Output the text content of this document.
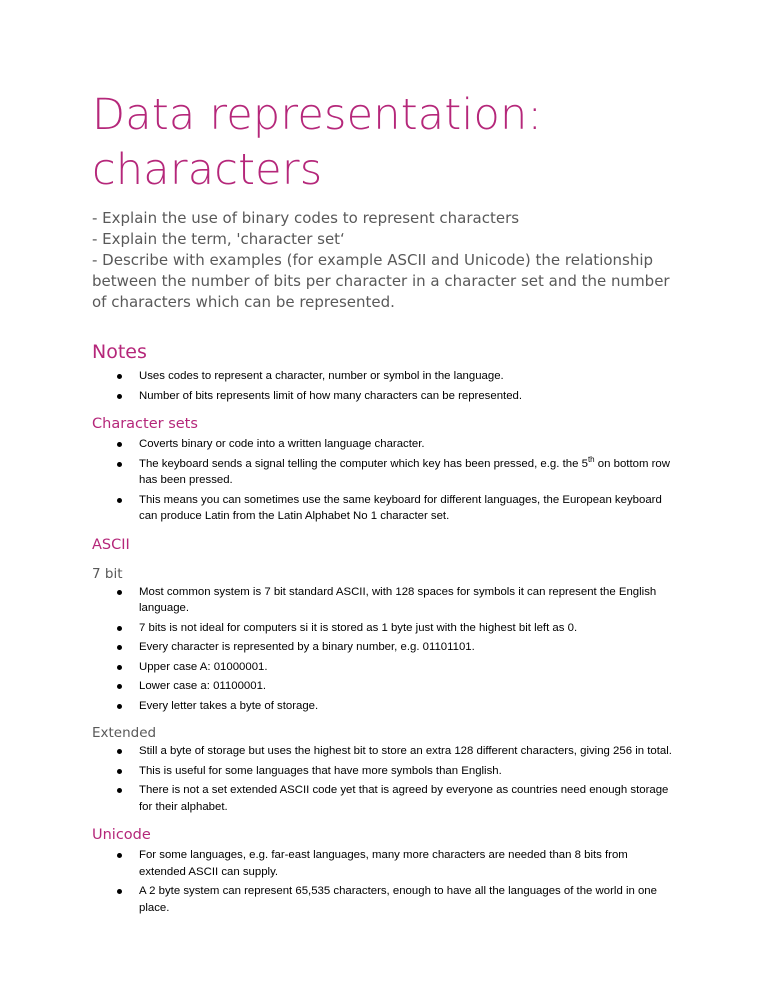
Data representation: characters
- Explain the use of binary codes to represent characters
- Explain the term, 'character set‘
- Describe with examples (for example ASCII and Unicode) the relationship between the number of bits per character in a character set and the number of characters which can be represented.
Notes
Uses codes to represent a character, number or symbol in the language.
Number of bits represents limit of how many characters can be represented.
Character sets
Coverts binary or code into a written language character.
The keyboard sends a signal telling the computer which key has been pressed, e.g. the 5th on bottom row has been pressed.
This means you can sometimes use the same keyboard for different languages, the European keyboard can produce Latin from the Latin Alphabet No 1 character set.
ASCII
7 bit
Most common system is 7 bit standard ASCII, with 128 spaces for symbols it can represent the English language.
7 bits is not ideal for computers si it is stored as 1 byte just with the highest bit left as 0.
Every character is represented by a binary number, e.g. 01101101.
Upper case A: 01000001.
Lower case a: 01100001.
Every letter takes a byte of storage.
Extended
Still a byte of storage but uses the highest bit to store an extra 128 different characters, giving 256 in total.
This is useful for some languages that have more symbols than English.
There is not a set extended ASCII code yet that is agreed by everyone as countries need enough storage for their alphabet.
Unicode
For some languages, e.g. far-east languages, many more characters are needed than 8 bits from extended ASCII can supply.
A 2 byte system can represent 65,535 characters, enough to have all the languages of the world in one place.
